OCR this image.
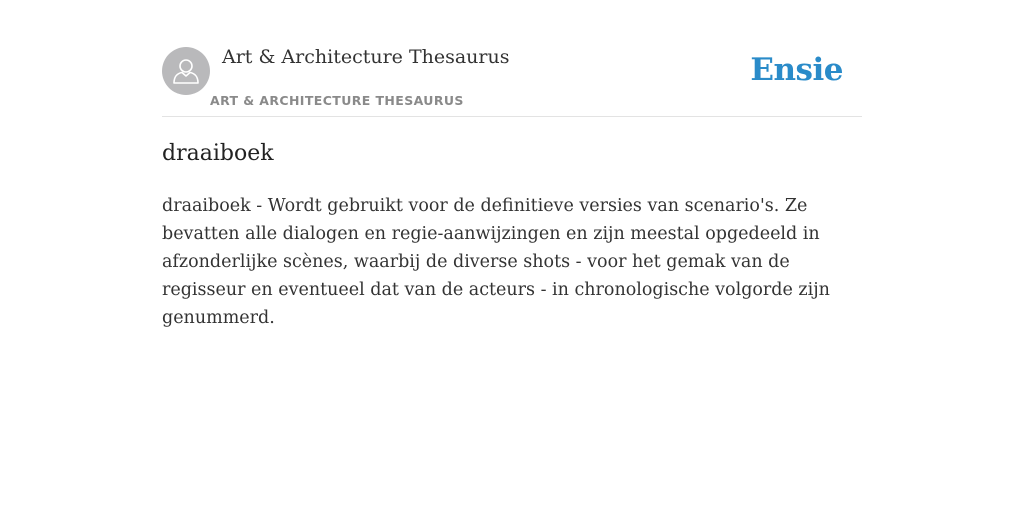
Art & Architecture Thesaurus
ART & ARCHITECTURE THESAURUS
Ensie
draaiboek

draaiboek - Wordt gebruikt voor de definitieve versies van scenario's. Ze bevatten alle dialogen en regie-aanwijzingen en zijn meestal opgedeeld in afzonderlijke scènes, waarbij de diverse shots - voor het gemak van de regisseur en eventueel dat van de acteurs - in chronologische volgorde zijn genummerd.
